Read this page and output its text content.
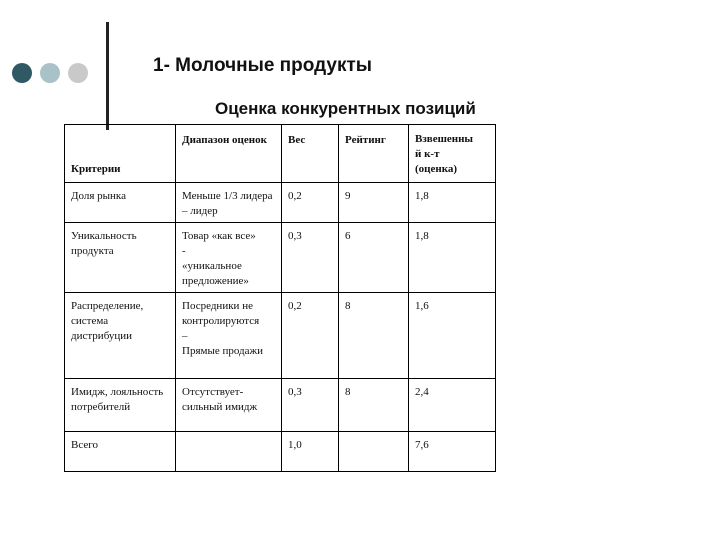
1- Молочные продукты
Оценка конкурентных позиций
Критерии	Диапазон оценок	Вес	Рейтинг	Взвешенны
й к-т
(оценка)
Доля рынка	Меньше 1/3 лидера – лидер	0,2	9	1,8
Уникальность продукта	Товар «как все»
-
«уникальное предложение»	0,3	6	1,8
Распределение, система дистрибуции	Посредники не контролируются
–
Прямые продажи	0,2	8	1,6
Имидж, лояльность потребителй	Отсутствует- сильный имидж	0,3	8	2,4
Всего		1,0		7,6
